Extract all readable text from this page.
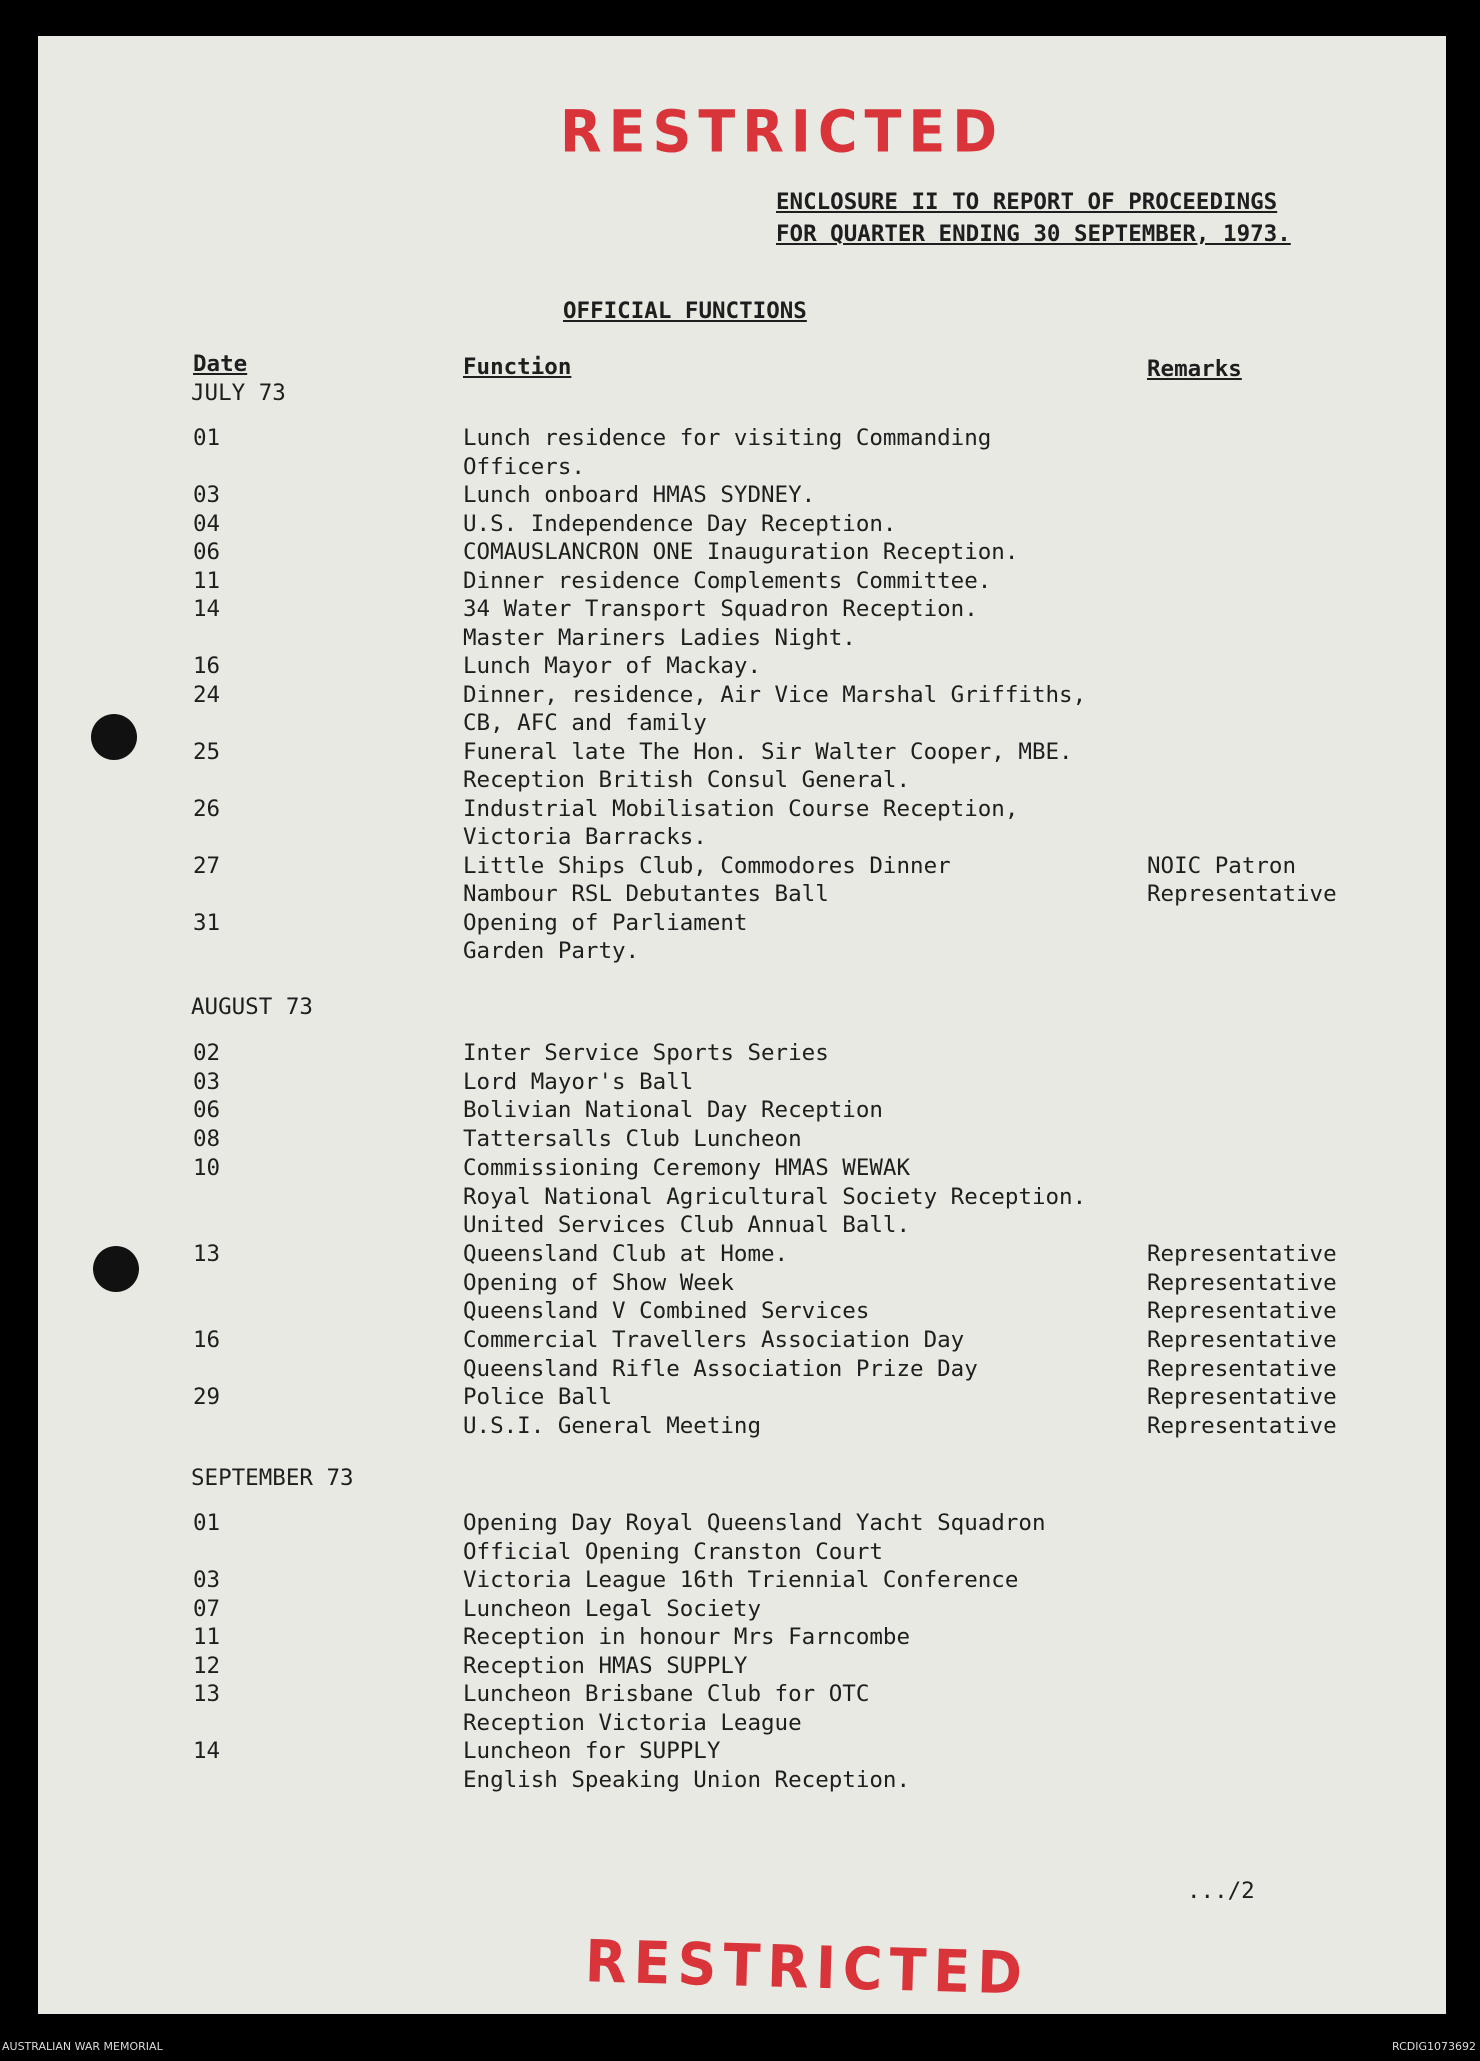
RESTRICTED
ENCLOSURE II TO REPORT OF PROCEEDINGS
FOR QUARTER ENDING 30 SEPTEMBER, 1973.
OFFICIAL FUNCTIONS
Date	Function	Remarks
JULY 73
01	Lunch residence for visiting Commanding
Officers.
03	Lunch onboard HMAS SYDNEY.
04	U.S. Independence Day Reception.
06	COMAUSLANCRON ONE Inauguration Reception.
11	Dinner residence Complements Committee.
14	34 Water Transport Squadron Reception.
Master Mariners Ladies Night.
16	Lunch Mayor of Mackay.
24	Dinner, residence, Air Vice Marshal Griffiths,
CB, AFC and family
25	Funeral late The Hon. Sir Walter Cooper, MBE.
Reception British Consul General.
26	Industrial Mobilisation Course Reception,
Victoria Barracks.
27	Little Ships Club, Commodores Dinner	NOIC Patron
Nambour RSL Debutantes Ball	Representative
31	Opening of Parliament
Garden Party.
AUGUST 73
02	Inter Service Sports Series
03	Lord Mayor's Ball
06	Bolivian National Day Reception
08	Tattersalls Club Luncheon
10	Commissioning Ceremony HMAS WEWAK
Royal National Agricultural Society Reception.
United Services Club Annual Ball.
13	Queensland Club at Home.	Representative
Opening of Show Week	Representative
Queensland V Combined Services	Representative
16	Commercial Travellers Association Day	Representative
Queensland Rifle Association Prize Day	Representative
29	Police Ball	Representative
U.S.I. General Meeting	Representative
SEPTEMBER 73
01	Opening Day Royal Queensland Yacht Squadron
Official Opening Cranston Court
03	Victoria League 16th Triennial Conference
07	Luncheon Legal Society
11	Reception in honour Mrs Farncombe
12	Reception HMAS SUPPLY
13	Luncheon Brisbane Club for OTC
Reception Victoria League
14	Luncheon for SUPPLY
English Speaking Union Reception.
.../2
RESTRICTED
AUSTRALIAN WAR MEMORIAL	RCDIG1073692
